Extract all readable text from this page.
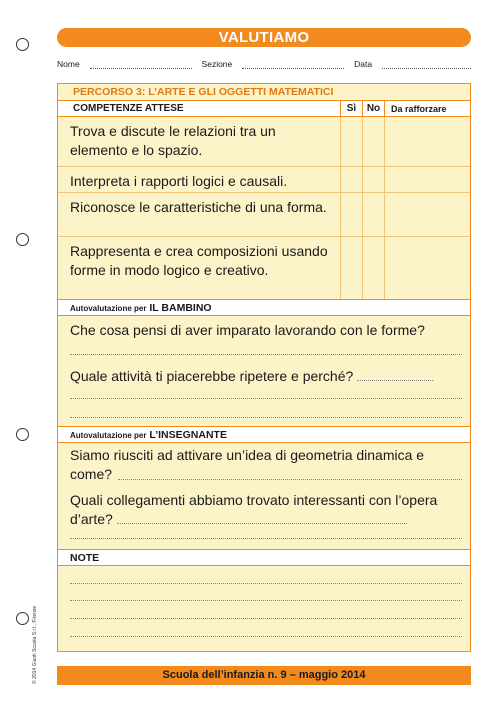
VALUTIAMO
Nome	Sezione	Data
PERCORSO 3: L’ARTE E GLI OGGETTI MATEMATICI
COMPETENZE ATTESE	Sì	No	Da rafforzare
Trova e discute le relazioni tra un elemento e lo spazio.
Interpreta i rapporti logici e causali.
Riconosce le caratteristiche di una forma.
Rappresenta e crea composizioni usando forme in modo logico e creativo.
Autovalutazione per IL BAMBINO
Che cosa pensi di aver imparato lavorando con le forme?
Quale attività ti piacerebbe ripetere e perché?
Autovalutazione per L’INSEGNANTE
Siamo riusciti ad attivare un’idea di geometria dinamica e come?
Quali collegamenti abbiamo trovato interessanti con l’opera d’arte?
NOTE
Scuola dell’infanzia n. 9 – maggio 2014
© 2014 Giunti Scuola S.r.l., Firenze
